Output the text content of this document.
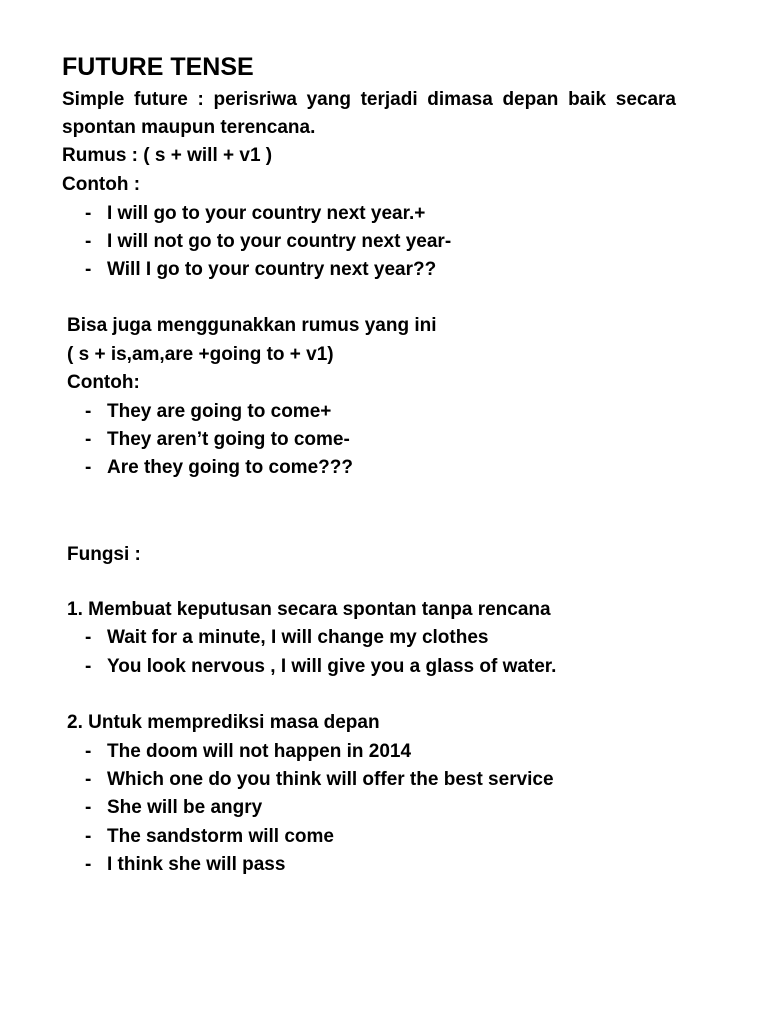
FUTURE TENSE
Simple future : perisriwa yang terjadi dimasa depan baik secara
spontan maupun terencana.
Rumus : ( s + will + v1 )
Contoh :
- I will go to your country next year.+
- I will not go to your country next year-
- Will I go to your country next year??
Bisa juga menggunakkan rumus yang ini
( s + is,am,are +going to + v1)
Contoh:
- They are going to come+
- They aren’t going to come-
- Are they going to come???
Fungsi :
1. Membuat keputusan secara spontan tanpa rencana
- Wait for a minute, I will change my clothes
- You look nervous , I will give you a glass of water.
2. Untuk memprediksi masa depan
- The doom will not happen in 2014
- Which one do you think will offer the best service
- She will be angry
- The sandstorm will come
- I think she will pass
